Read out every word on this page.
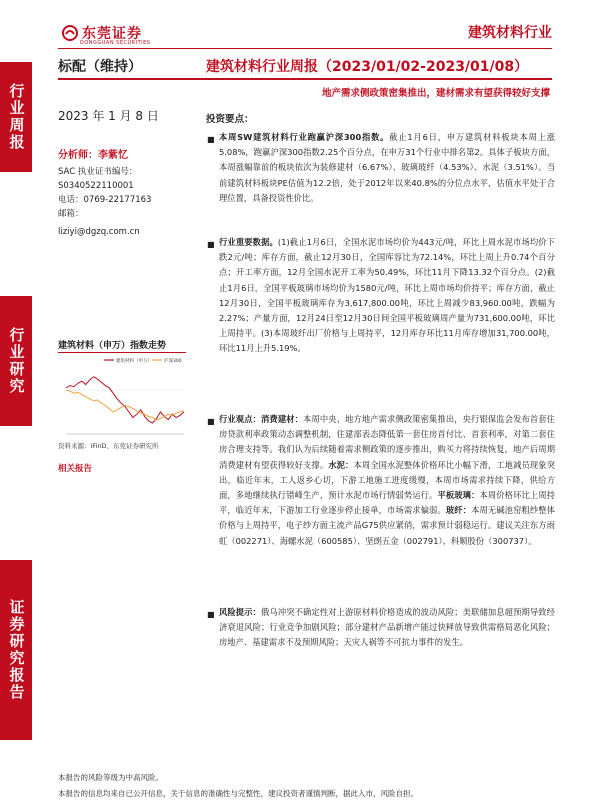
行业周报
行业研究
证券研究报告
东莞证券
DONGGUAN SECURITIES
建筑材料行业
标配（维持）	建筑材料行业周报（2023/01/02-2023/01/08）
地产需求侧政策密集推出，建材需求有望获得较好支撑
2023 年 1 月 8 日
分析师：李紫忆
SAC 执业证书编号：
S0340522110001
电话：0769-22177163
邮箱：
liziyi@dgzq.com.cn
建筑材料（申万）指数走势
建筑材料（申万）	沪深300
资料来源：iFinD、东莞证券研究所
相关报告
投资要点：
■ 本周SW建筑材料行业跑赢沪深300指数。截止1月6日，申万建筑材料板块本周上涨5.08%，跑赢沪深300指数2.25个百分点，在申万31个行业中排名第2。具体子板块方面，本周涨幅靠前的板块依次为装修建材（6.67%）、玻璃玻纤（4.53%）、水泥（3.51%）。当前建筑材料板块PE估值为12.2倍，处于2012年以来40.8%的分位点水平，估值水平处于合理位置，具备投资性价比。
■ 行业重要数据。(1)截止1月6日，全国水泥市场均价为443元/吨，环比上周水泥市场均价下跌2元/吨；库存方面，截止12月30日，全国库容比为72.14%，环比上周上升0.74个百分点；开工率方面，12月全国水泥开工率为50.49%，环比11月下降13.32个百分点。(2)截止1月6日，全国平板玻璃市场均价为1580元/吨，环比上周市场均价持平；库存方面，截止12月30日，全国平板玻璃库存为3,617,800.00吨，环比上周减少83,960.00吨，跌幅为2.27%；产量方面，12月24日至12月30日间全国平板玻璃周产量为731,600.00吨，环比上周持平。(3)本周玻纤出厂价格与上周持平，12月库存环比11月库存增加31,700.00吨，环比11月上升5.19%。
■ 行业观点：消费建材：本周中央、地方地产需求侧政策密集推出，央行银保监会发布首套住房贷款利率政策动态调整机制，住建部表态降低第一套住房首付比、首套利率，对第二套住房合理支持等。我们认为后续随着需求侧政策的逐步推出，购买力将持续恢复，地产后周期消费建材有望获得较好支撑。水泥：本周全国水泥整体价格环比小幅下滑，工地减员现象突出，临近年末，工人返乡心切，下游工地施工进度缓慢，本周市场需求持续下降，供给方面，多地继续执行错峰生产，预计水泥市场行情弱势运行。平板玻璃：本周价格环比上周持平，临近年末，下游加工行业逐步停止接单，市场需求偏弱。玻纤：本周无碱池窑粗纱整体价格与上周持平，电子纱方面主流产品G75供应紧俏，需求预计弱稳运行。建议关注东方雨虹（002271）、海螺水泥（600585）、坚朗五金（002791）、科顺股份（300737）。
■ 风险提示：俄乌冲突不确定性对上游原材料价格造成的波动风险；美联储加息超预期导致经济衰退风险；行业竞争加剧风险；部分建材产品新增产能过快释放导致供需格局恶化风险；房地产、基建需求不及预期风险；天灾人祸等不可抗力事件的发生。
本报告的风险等级为中高风险。
本报告的信息均来自已公开信息，关于信息的准确性与完整性，建议投资者谨慎判断，据此入市，风险自担。
